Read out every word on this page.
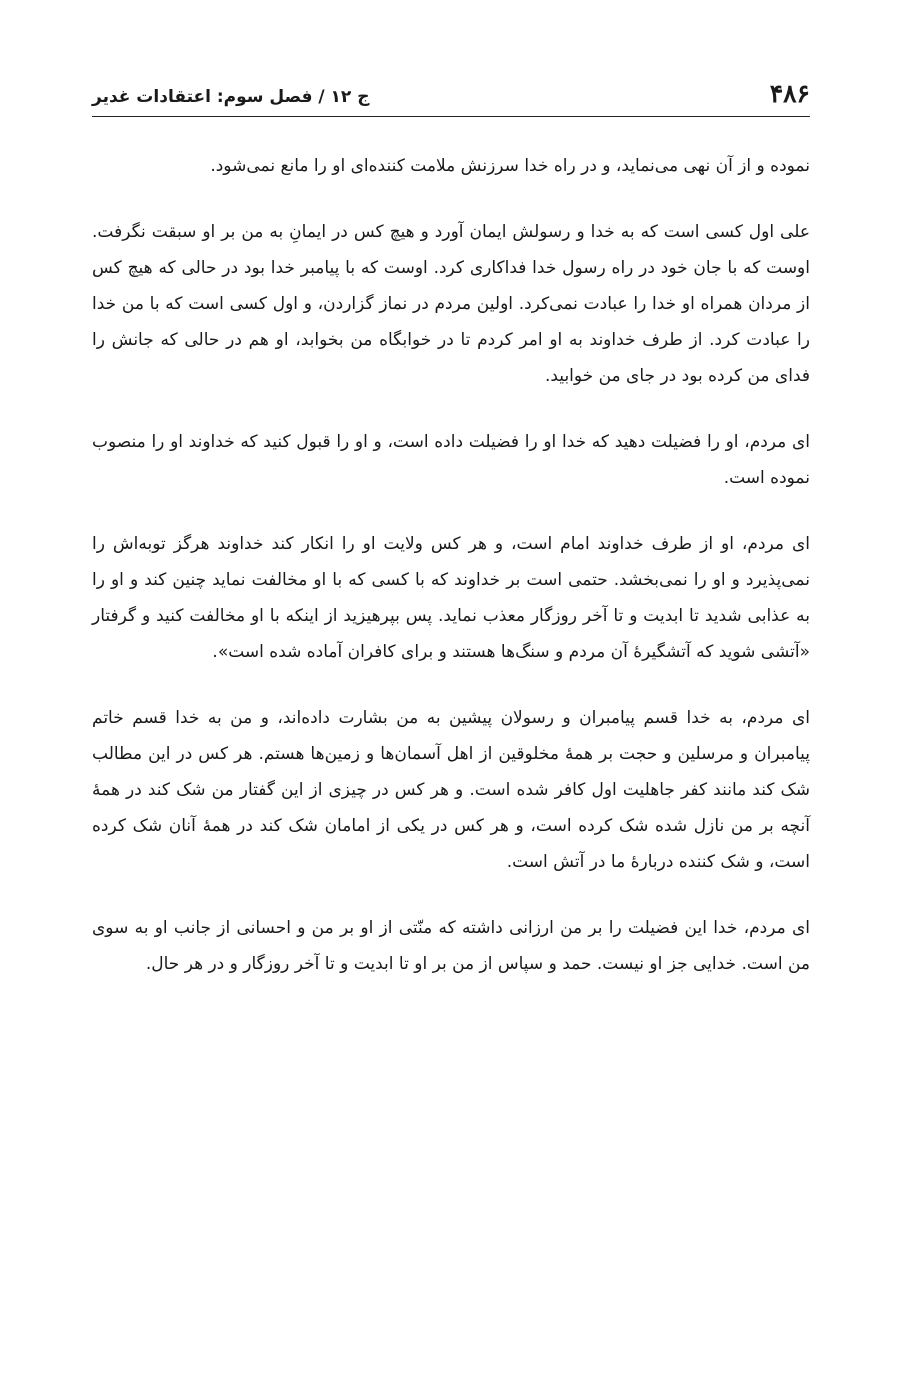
۴۸۶
ج ۱۲ / فصل سوم: اعتقادات غدیر

نموده و از آن نهی می‌نماید، و در راه خدا سرزنش ملامت کننده‌ای او را مانع نمی‌شود.

علی اول کسی است که به خدا و رسولش ایمان آورد و هیچ کس در ایمانِ به من بر او سبقت نگرفت. اوست که با جان خود در راه رسول خدا فداکاری کرد. اوست که با پیامبر خدا بود در حالی که هیچ کس از مردان همراه او خدا را عبادت نمی‌کرد. اولین مردم در نماز گزاردن، و اول کسی است که با من خدا را عبادت کرد. از طرف خداوند به او امر کردم تا در خوابگاه من بخوابد، او هم در حالی که جانش را فدای من کرده بود در جای من خوابید.

ای مردم، او را فضیلت دهید که خدا او را فضیلت داده است، و او را قبول کنید که خداوند او را منصوب نموده است.

ای مردم، او از طرف خداوند امام است، و هر کس ولایت او را انکار کند خداوند هرگز توبه‌اش را نمی‌پذیرد و او را نمی‌بخشد. حتمی است بر خداوند که با کسی که با او مخالفت نماید چنین کند و او را به عذابی شدید تا ابدیت و تا آخر روزگار معذب نماید. پس بپرهیزید از اینکه با او مخالفت کنید و گرفتار «آتشی شوید که آتشگیرهٔ آن مردم و سنگ‌ها هستند و برای کافران آماده شده است».

ای مردم، به خدا قسم پیامبران و رسولان پیشین به من بشارت داده‌اند، و من به خدا قسم خاتم پیامبران و مرسلین و حجت بر همهٔ مخلوقین از اهل آسمان‌ها و زمین‌ها هستم. هر کس در این مطالب شک کند مانند کفر جاهلیت اول کافر شده است. و هر کس در چیزی از این گفتار من شک کند در همهٔ آنچه بر من نازل شده شک کرده است، و هر کس در یکی از امامان شک کند در همهٔ آنان شک کرده است، و شک کننده دربارهٔ ما در آتش است.

ای مردم، خدا این فضیلت را بر من ارزانی داشته که منّتی از او بر من و احسانی از جانب او به سوی من است. خدایی جز او نیست. حمد و سپاس از من بر او تا ابدیت و تا آخر روزگار و در هر حال.
